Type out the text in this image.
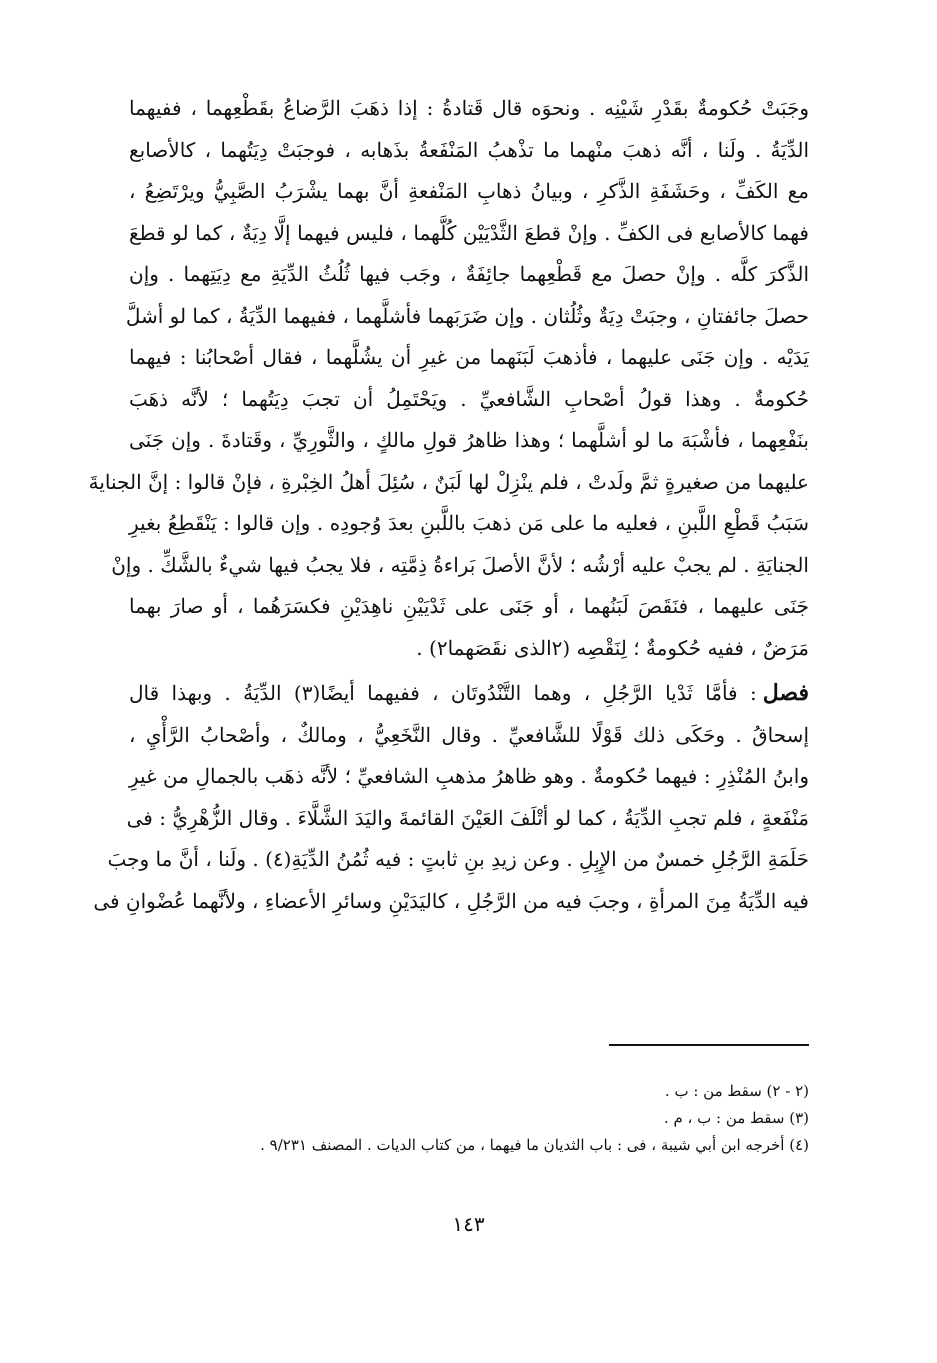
وجَبَتْ حُكومةٌ بقَدْرِ شَيْنِه . ونحوَه قال قَتادةُ : إذا ذهَبَ الرَّضاعُ بقَطْعِهما ، ففيهما
الدِّيَةُ . ولَنا ، أنَّه ذهبَ منْهما ما تذْهبُ المَنْفَعةُ بذَهابه ، فوجبَتْ دِيَتُهما ، كالأصابع
مع الكَفِّ ، وحَشَفَةِ الذَّكرِ ، وبيانُ ذهابِ المَنْفعةِ أنَّ بهما يشْرَبُ الصَّبِيُّ ويرْتَضِعُ ،
فهما كالأصابع فى الكفِّ . وإنْ قطعَ الثَّدْيَيْن كُلَّهما ، فليس فيهما إلَّا دِيَةٌ ، كما لو قطعَ
الذَّكرَ كلَّه . وإنْ حصلَ مع قَطْعِهما جائِفَةٌ ، وجَب فيها ثُلُثُ الدِّيَةِ مع دِيَتِهما . وإن
حصلَ جائفتانِ ، وجبَتْ دِيَةٌ وثُلُثان . وإن ضَرَبَهما فأشلَّهما ، ففيهما الدِّيَةُ ، كما لو أشلَّ
يَدَيْه . وإن جَنَى عليهما ، فأذهبَ لَبَنَهما من غيرِ أن يشُلَّهما ، فقال أصْحابُنا : فيهما
حُكومةٌ . وهذا قولُ أصْحابِ الشَّافعيِّ . ويَحْتَمِلُ أن تجبَ دِيَتُهما ؛ لأنَّه ذهَبَ
بنَفْعِهما ، فأشْبَهَ ما لو أشلَّهما ؛ وهذا ظاهرُ قولِ مالكٍ ، والثَّورِيِّ ، وقَتادةَ . وإن جَنَى
عليهما من صغيرةٍ ثمَّ ولَدتْ ، فلم ينْزِلْ لها لَبَنٌ ، سُئِلَ أهلُ الخِبْرةِ ، فإنْ قالوا : إنَّ الجنايةَ
سَبَبُ قَطْعِ اللَّبنِ ، فعليه ما على مَن ذهبَ باللَّبنِ بعدَ وُجودِه . وإن قالوا : يَنْقَطِعُ بغيرِ
الجنايَةِ . لم يجبْ عليه أرْشُه ؛ لأنَّ الأصلَ بَراءةُ ذِمَّتِه ، فلا يجبُ فيها شيءٌ بالشَّكِّ . وإنْ
جَنَى عليهما ، فنَقَصَ لَبَنُهما ، أو جَنَى على ثَدْيَيْنِ ناهِدَيْنِ فكسَرَهُما ، أو صارَ بهما
مَرَضٌ ، ففيه حُكومةٌ ؛ لِنَقْصِه (٢الذى نقَصَهما٢) .
فصل: فأمَّا ثَدْيا الرَّجُلِ ، وهما التَّنْدُوتَان ، ففيهما أيضًا(٣) الدِّيَةُ . وبهذا قال
إسحاقُ . وحَكَى ذلك قَوْلًا للشَّافعيِّ . وقال النَّخَعِيُّ ، ومالكٌ ، وأصْحابُ الرَّأْيِ ،
وابنُ المُنْذِرِ : فيهما حُكومةٌ . وهو ظاهرُ مذهبِ الشافعيِّ ؛ لأنَّه ذهَب بالجمالِ من غيرِ
مَنْفَعةٍ ، فلم تجبِ الدِّيَةُ ، كما لو أتْلَفَ العَيْنَ القائمةَ واليَدَ الشَّلَّاءَ . وقال الزُّهْرِيُّ : فى
حَلَمَةِ الرَّجُلِ خمسٌ من الإِبِلِ . وعن زيدِ بنِ ثابتٍ : فيه ثُمُنُ الدِّيَةِ(٤) . ولَنا ، أنَّ ما وجبَ
فيه الدِّيَةُ مِنَ المرأةِ ، وجبَ فيه من الرَّجُلِ ، كاليَدَيْنِ وسائرِ الأعضاءِ ، ولأنَّهما عُضْوانِ فى
(٢ - ٢) سقط من : ب .
(٣) سقط من : ب ، م .
(٤) أخرجه ابن أبي شيبة ، فى : باب الثديان ما فيهما ، من كتاب الديات . المصنف ٩/٢٣١ .
١٤٣
